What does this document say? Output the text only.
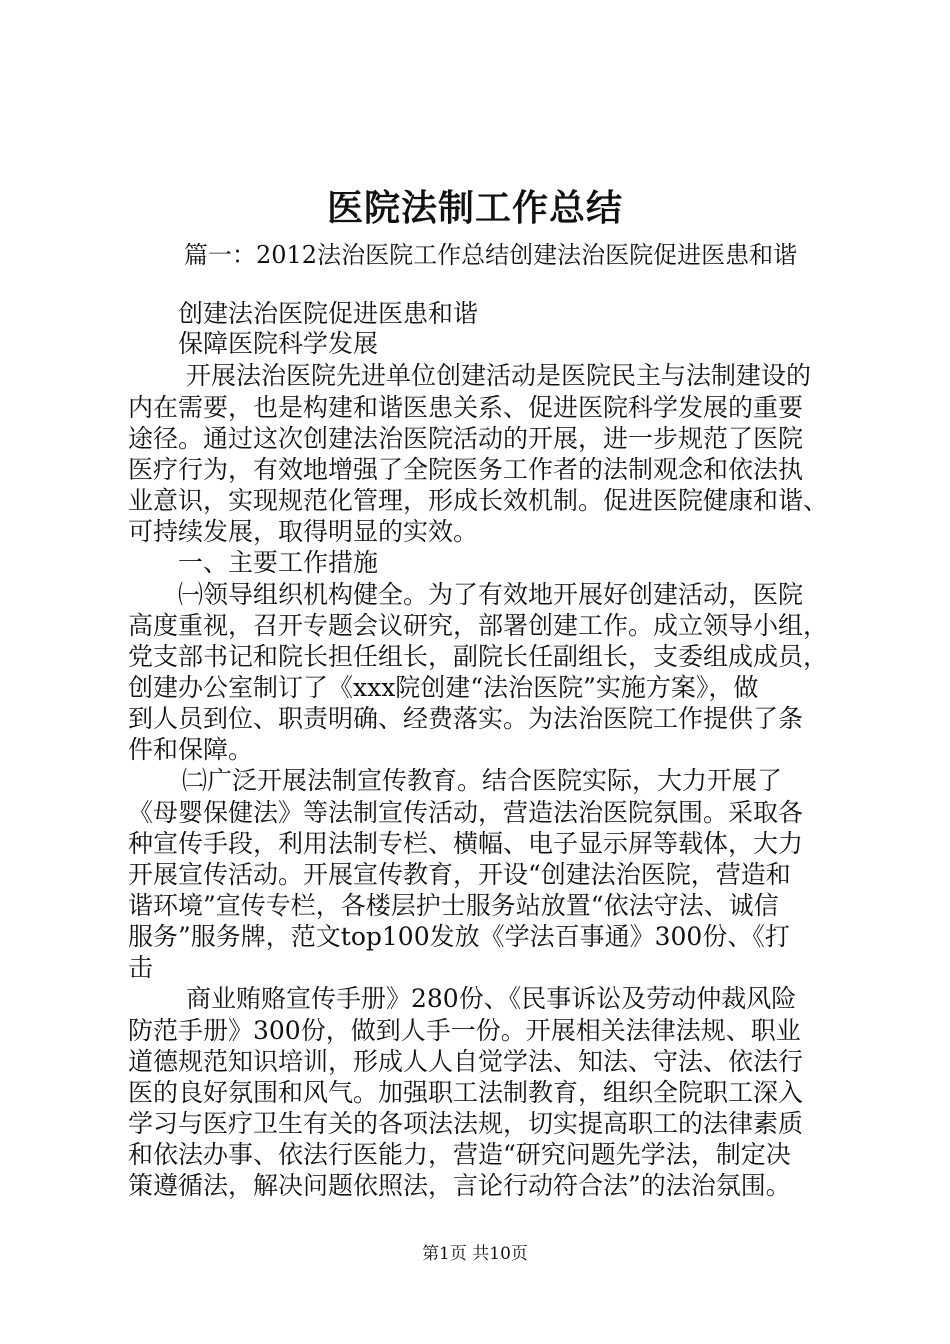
医院法制工作总结
篇一：2012法治医院工作总结创建法治医院促进医患和谐
创建法治医院促进医患和谐
保障医院科学发展
开展法治医院先进单位创建活动是医院民主与法制建设的
内在需要，也是构建和谐医患关系、促进医院科学发展的重要
途径。通过这次创建法治医院活动的开展，进一步规范了医院
医疗行为，有效地增强了全院医务工作者的法制观念和依法执
业意识，实现规范化管理，形成长效机制。促进医院健康和谐、
可持续发展，取得明显的实效。
一、主要工作措施
㈠领导组织机构健全。为了有效地开展好创建活动，医院
高度重视，召开专题会议研究，部署创建工作。成立领导小组，
党支部书记和院长担任组长，副院长任副组长，支委组成成员，
创建办公室制订了《xxx院创建“法治医院”实施方案》，做
到人员到位、职责明确、经费落实。为法治医院工作提供了条
件和保障。
㈡广泛开展法制宣传教育。结合医院实际，大力开展了
《母婴保健法》等法制宣传活动，营造法治医院氛围。采取各
种宣传手段，利用法制专栏、横幅、电子显示屏等载体，大力
开展宣传活动。开展宣传教育，开设“创建法治医院，营造和
谐环境”宣传专栏，各楼层护士服务站放置“依法守法、诚信
服务”服务牌，范文top100发放《学法百事通》300份、《打
击
商业贿赂宣传手册》280份、《民事诉讼及劳动仲裁风险
防范手册》300份，做到人手一份。开展相关法律法规、职业
道德规范知识培训，形成人人自觉学法、知法、守法、依法行
医的良好氛围和风气。加强职工法制教育，组织全院职工深入
学习与医疗卫生有关的各项法法规，切实提高职工的法律素质
和依法办事、依法行医能力，营造“研究问题先学法，制定决
策遵循法，解决问题依照法，言论行动符合法”的法治氛围。
第1页 共10页
